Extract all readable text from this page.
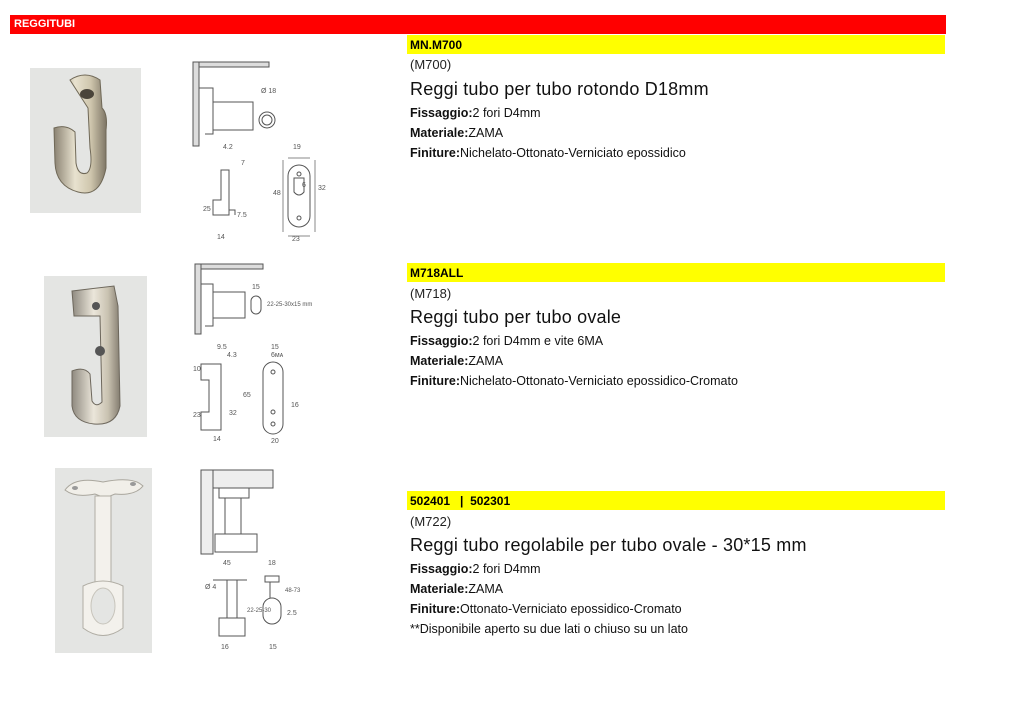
REGGITUBI
Ø 18
4.2
7
19
48
32
6
25
7.5
14	23
MN.M700
(M700)
Reggi tubo per tubo rotondo D18mm
Fissaggio:2 fori D4mm
Materiale:ZAMA
Finiture:Nichelato-Ottonato-Verniciato epossidico
15
22-25-30x15 mm
9.5
4.3
15
6ᴍᴀ
10
65
32
16
23
14	20
M718ALL
(M718)
Reggi tubo per tubo ovale
Fissaggio:2 fori D4mm e vite 6MA
Materiale:ZAMA
Finiture:Nichelato-Ottonato-Verniciato epossidico-Cromato
45	18
Ø 4
22-25-30
48-73
2.5
16	15
502401   |  502301
(M722)
Reggi tubo regolabile per tubo ovale - 30*15 mm
Fissaggio:2 fori D4mm
Materiale:ZAMA
Finiture:Ottonato-Verniciato epossidico-Cromato
**Disponibile aperto su due lati o chiuso su un lato
